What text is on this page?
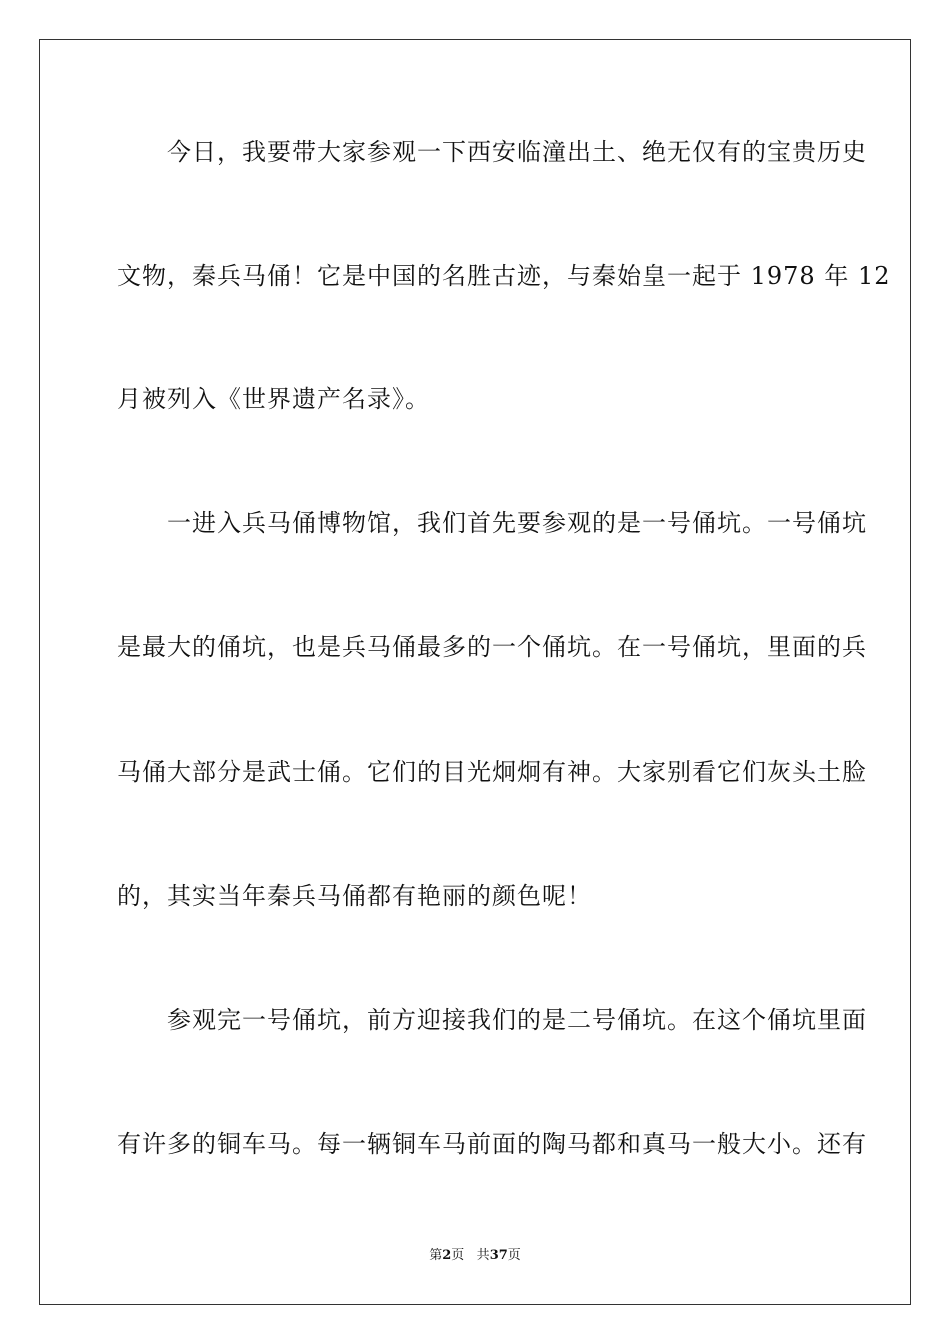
　　今日，我要带大家参观一下西安临潼出土、绝无仅有的宝贵历史
文物，秦兵马俑！它是中国的名胜古迹，与秦始皇一起于 1978 年 12
月被列入《世界遗产名录》。
　　一进入兵马俑博物馆，我们首先要参观的是一号俑坑。一号俑坑
是最大的俑坑，也是兵马俑最多的一个俑坑。在一号俑坑，里面的兵
马俑大部分是武士俑。它们的目光炯炯有神。大家别看它们灰头土脸
的，其实当年秦兵马俑都有艳丽的颜色呢！
　　参观完一号俑坑，前方迎接我们的是二号俑坑。在这个俑坑里面
有许多的铜车马。每一辆铜车马前面的陶马都和真马一般大小。还有
第2页 共37页
